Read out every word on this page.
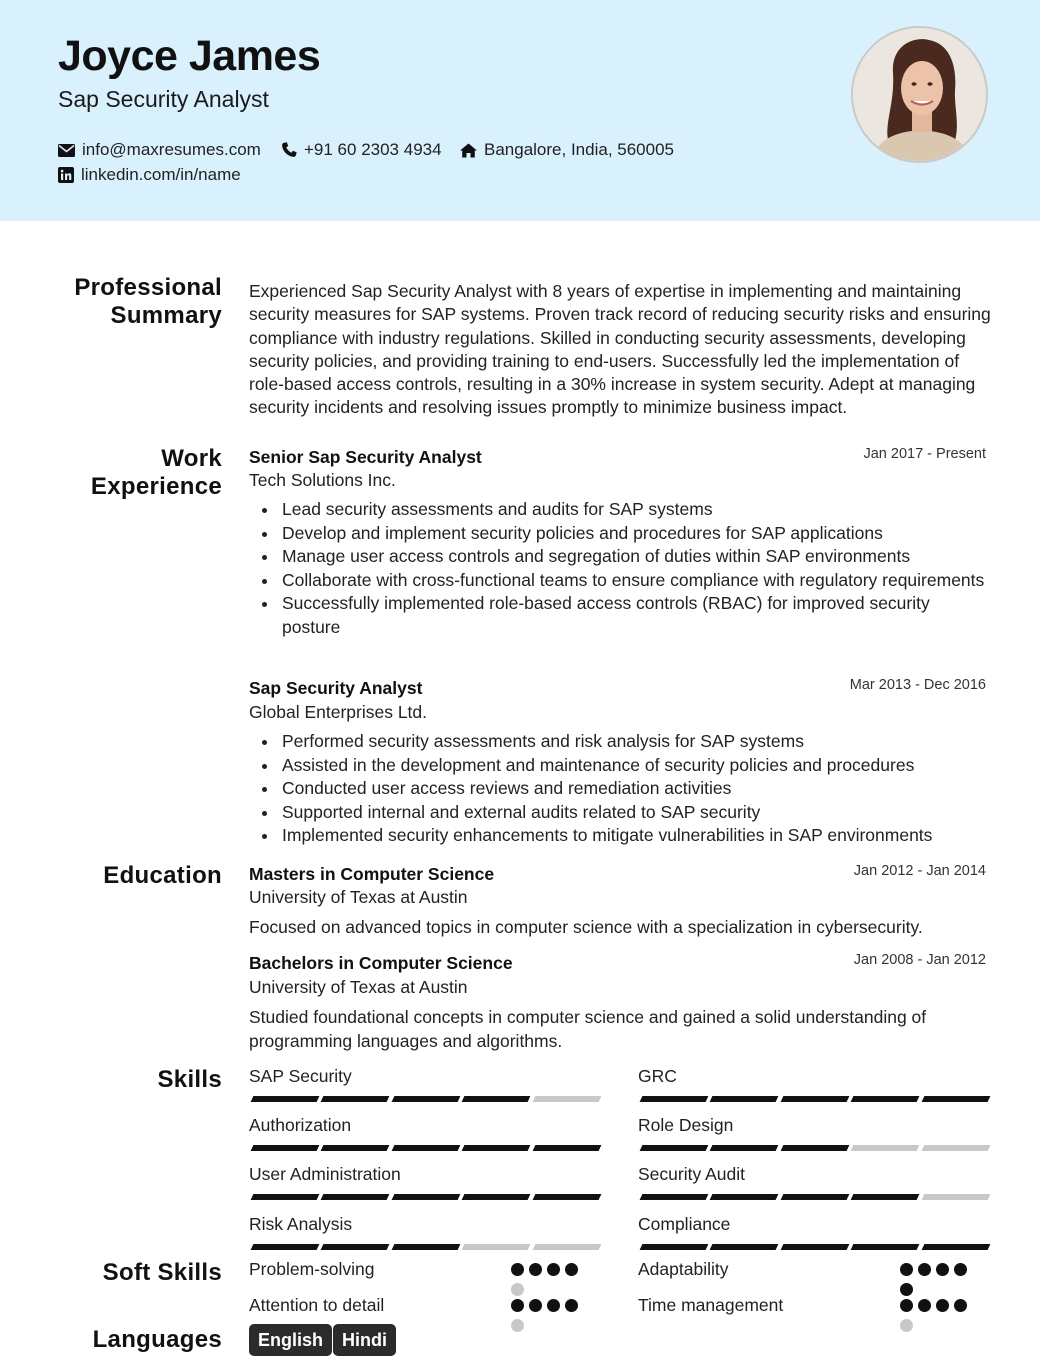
Joyce James
Sap Security Analyst
info@maxresumes.com	+91 60 2303 4934 Bangalore, India, 560005
linkedin.com/in/name
Professional Summary
Experienced Sap Security Analyst with 8 years of expertise in implementing and maintaining security measures for SAP systems. Proven track record of reducing security risks and ensuring compliance with industry regulations. Skilled in conducting security assessments, developing security policies, and providing training to end-users. Successfully led the implementation of role-based access controls, resulting in a 30% increase in system security. Adept at managing security incidents and resolving issues promptly to minimize business impact.
Work Experience
Senior Sap Security Analyst	Jan 2017 - Present
Tech Solutions Inc.
Lead security assessments and audits for SAP systems
Develop and implement security policies and procedures for SAP applications
Manage user access controls and segregation of duties within SAP environments
Collaborate with cross-functional teams to ensure compliance with regulatory requirements
Successfully implemented role-based access controls (RBAC) for improved security posture
Sap Security Analyst	Mar 2013 - Dec 2016
Global Enterprises Ltd.
Performed security assessments and risk analysis for SAP systems
Assisted in the development and maintenance of security policies and procedures
Conducted user access reviews and remediation activities
Supported internal and external audits related to SAP security
Implemented security enhancements to mitigate vulnerabilities in SAP environments
Education Masters in Computer Science	Jan 2012 - Jan 2014
University of Texas at Austin
Focused on advanced topics in computer science with a specialization in cybersecurity.
Bachelors in Computer Science	Jan 2008 - Jan 2012
University of Texas at Austin
Studied foundational concepts in computer science and gained a solid understanding of programming languages and algorithms.
Skills SAP Security	GRC
Authorization	Role Design
User Administration	Security Audit
Risk Analysis	Compliance
Soft Skills Problem-solving	Adaptability
Attention to detail	Time management
Languages	English	Hindi
